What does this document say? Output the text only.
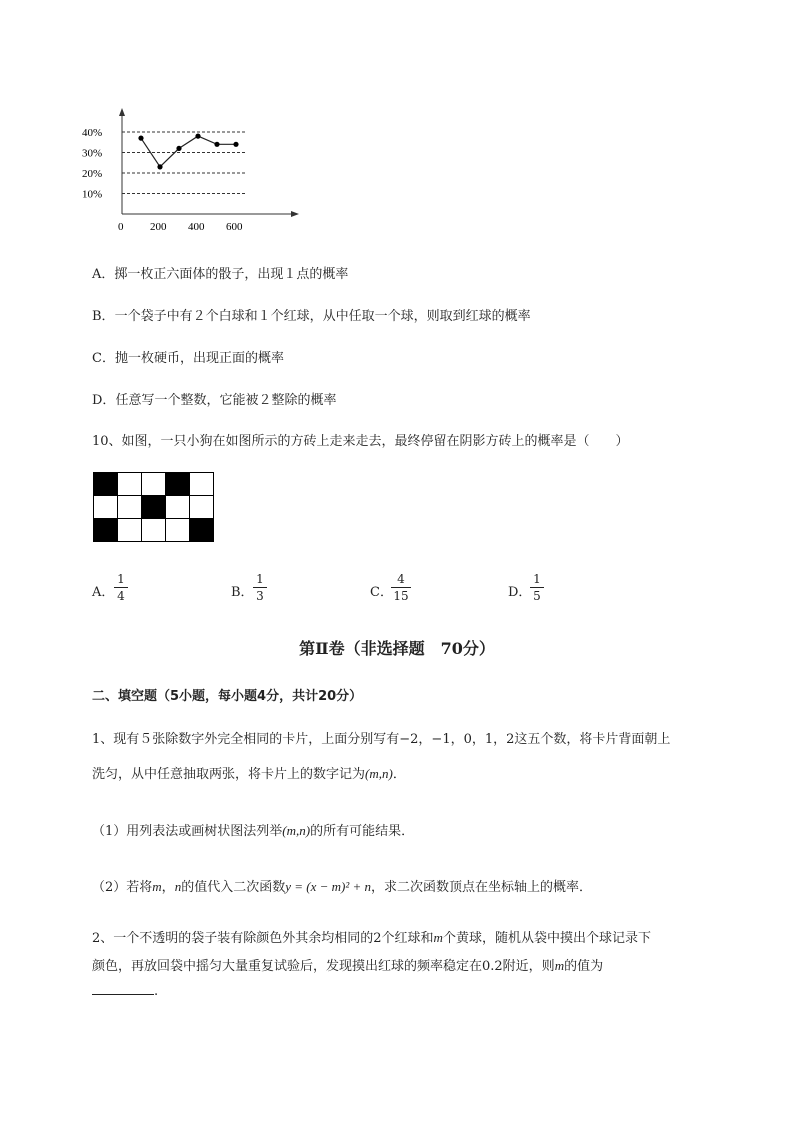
10%
20%
30%
40%
0 200 400 600
A．掷一枚正六面体的骰子，出现１点的概率
B．一个袋子中有２个白球和１个红球，从中任取一个球，则取到红球的概率
C．抛一枚硬币，出现正面的概率
D．任意写一个整数，它能被２整除的概率
10、如图，一只小狗在如图所示的方砖上走来走去，最终停留在阴影方砖上的概率是（　　）

A．
1
4	B．
1
3	C．
4
15	D．
1
5
第Ⅱ卷（非选择题　70分）
二、填空题（5小题，每小题4分，共计20分）
1、现有５张除数字外完全相同的卡片，上面分别写有−2，−1，0，1，2这五个数，将卡片背面朝上
洗匀，从中任意抽取两张，将卡片上的数字记为(m,n)．
（1）用列表法或画树状图法列举(m,n)的所有可能结果．
（2）若将m，n的值代入二次函数y = (x − m)² + n，求二次函数顶点在坐标轴上的概率．
2、一个不透明的袋子装有除颜色外其余均相同的2个红球和m个黄球，随机从袋中摸出个球记录下
颜色，再放回袋中摇匀大量重复试验后，发现摸出红球的频率稳定在0.2附近，则m的值为
.
